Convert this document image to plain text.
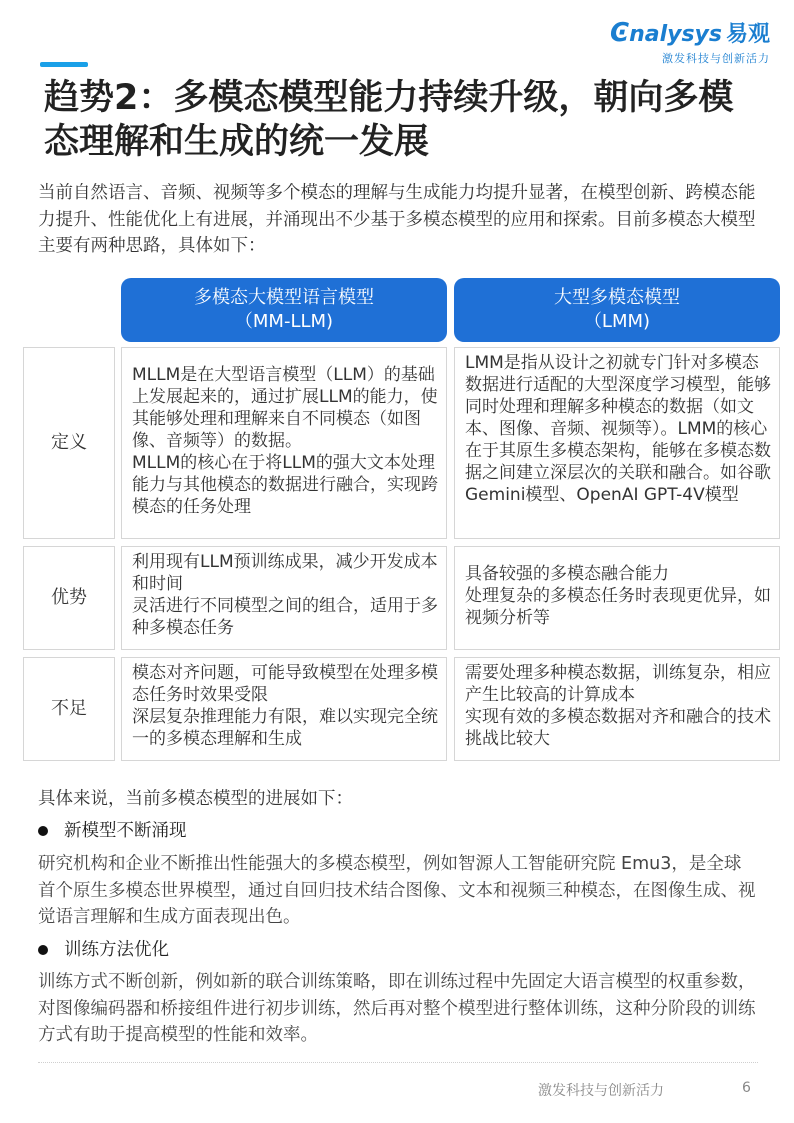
Ͼnalysys 易观
激发科技与创新活力
趋势2：多模态模型能力持续升级，朝向多模态理解和生成的统一发展

当前自然语言、音频、视频等多个模态的理解与生成能力均提升显著，在模型创新、跨模态能力提升、性能优化上有进展，并涌现出不少基于多模态模型的应用和探索。目前多模态大模型主要有两种思路，具体如下：

多模态大模型语言模型
（MM-LLM)
大型多模态模型
（LMM)
定义
MLLM是在大型语言模型（LLM）的基础上发展起来的，通过扩展LLM的能力，使其能够处理和理解来自不同模态（如图像、音频等）的数据。
MLLM的核心在于将LLM的强大文本处理能力与其他模态的数据进行融合，实现跨模态的任务处理
LMM是指从设计之初就专门针对多模态数据进行适配的大型深度学习模型，能够同时处理和理解多种模态的数据（如文本、图像、音频、视频等）。LMM的核心在于其原生多模态架构，能够在多模态数据之间建立深层次的关联和融合。如谷歌Gemini模型、OpenAI GPT-4V模型
优势
利用现有LLM预训练成果，减少开发成本和时间
灵活进行不同模型之间的组合，适用于多种多模态任务
具备较强的多模态融合能力
处理复杂的多模态任务时表现更优异，如视频分析等
不足
模态对齐问题，可能导致模型在处理多模态任务时效果受限
深层复杂推理能力有限，难以实现完全统一的多模态理解和生成
需要处理多种模态数据，训练复杂，相应产生比较高的计算成本
实现有效的多模态数据对齐和融合的技术挑战比较大

具体来说，当前多模态模型的进展如下：

新模型不断涌现

研究机构和企业不断推出性能强大的多模态模型，例如智源人工智能研究院 Emu3，是全球首个原生多模态世界模型，通过自回归技术结合图像、文本和视频三种模态，在图像生成、视觉语言理解和生成方面表现出色。

训练方法优化

训练方式不断创新，例如新的联合训练策略，即在训练过程中先固定大语言模型的权重参数，对图像编码器和桥接组件进行初步训练，然后再对整个模型进行整体训练，这种分阶段的训练方式有助于提高模型的性能和效率。

激发科技与创新活力	6
